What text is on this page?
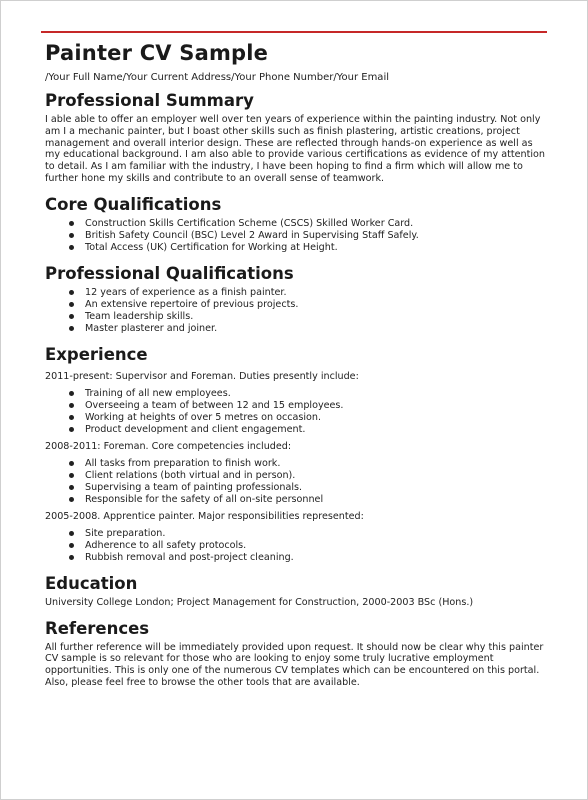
Painter CV Sample
/Your Full Name/Your Current Address/Your Phone Number/Your Email
Professional Summary

I able able to offer an employer well over ten years of experience within the painting industry. Not only am I a mechanic painter, but I boast other skills such as finish plastering, artistic creations, project management and overall interior design. These are reflected through hands-on experience as well as my educational background. I am also able to provide various certifications as evidence of my attention to detail. As I am familiar with the industry, I have been hoping to find a firm which will allow me to further hone my skills and contribute to an overall sense of teamwork.

Core Qualifications
Construction Skills Certification Scheme (CSCS) Skilled Worker Card.
British Safety Council (BSC) Level 2 Award in Supervising Staff Safely.
Total Access (UK) Certification for Working at Height.
Professional Qualifications
12 years of experience as a finish painter.
An extensive repertoire of previous projects.
Team leadership skills.
Master plasterer and joiner.
Experience
2011-present: Supervisor and Foreman. Duties presently include:
Training of all new employees.
Overseeing a team of between 12 and 15 employees.
Working at heights of over 5 metres on occasion.
Product development and client engagement.
2008-2011: Foreman. Core competencies included:
All tasks from preparation to finish work.
Client relations (both virtual and in person).
Supervising a team of painting professionals.
Responsible for the safety of all on-site personnel
2005-2008. Apprentice painter. Major responsibilities represented:
Site preparation.
Adherence to all safety protocols.
Rubbish removal and post-project cleaning.
Education

University College London; Project Management for Construction, 2000-2003 BSc (Hons.)

References

All further reference will be immediately provided upon request. It should now be clear why this painter CV sample is so relevant for those who are looking to enjoy some truly lucrative employment opportunities. This is only one of the numerous CV templates which can be encountered on this portal. Also, please feel free to browse the other tools that are available.
